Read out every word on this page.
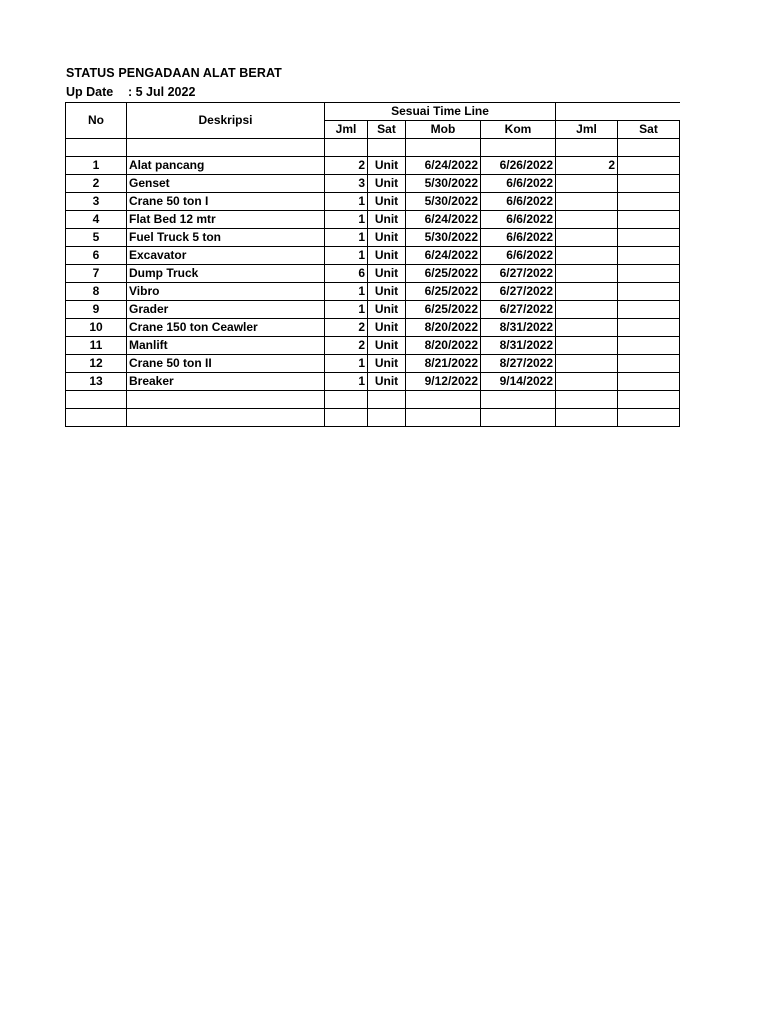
STATUS PENGADAAN ALAT BERAT
Up Date : 5 Jul 2022
No	Deskripsi	Sesuai Time Line					
		Jml	Sat	Mob	Kom	Jml	Sat

1	Alat pancang	2	Unit	6/24/2022	6/26/2022	2	
2	Genset	3	Unit	5/30/2022	6/6/2022		
3	Crane 50 ton I	1	Unit	5/30/2022	6/6/2022		
4	Flat Bed 12 mtr	1	Unit	6/24/2022	6/6/2022		
5	Fuel Truck 5 ton	1	Unit	5/30/2022	6/6/2022		
6	Excavator	1	Unit	6/24/2022	6/6/2022		
7	Dump Truck	6	Unit	6/25/2022	6/27/2022		
8	Vibro	1	Unit	6/25/2022	6/27/2022		
9	Grader	1	Unit	6/25/2022	6/27/2022		
10	Crane 150 ton Ceawler	2	Unit	8/20/2022	8/31/2022		
11	Manlift	2	Unit	8/20/2022	8/31/2022		
12	Crane 50 ton II	1	Unit	8/21/2022	8/27/2022		
13	Breaker	1	Unit	9/12/2022	9/14/2022		
